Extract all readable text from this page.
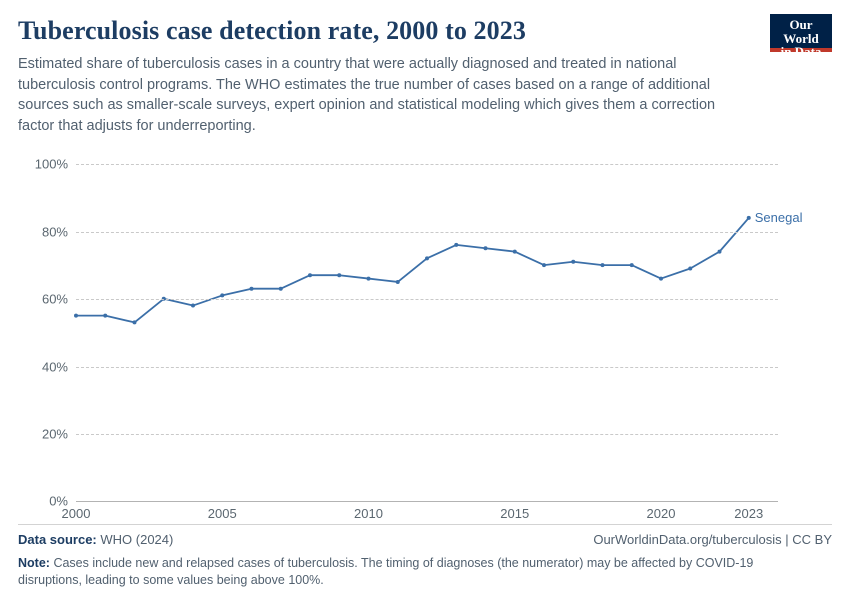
Tuberculosis case detection rate, 2000 to 2023

Estimated share of tuberculosis cases in a country that were actually diagnosed and treated in national tuberculosis control programs. The WHO estimates the true number of cases based on a range of additional sources such as smaller-scale surveys, expert opinion and statistical modeling which gives them a correction factor that adjusts for underreporting.

Our World
in Data
0%
20%
40%
60%
80%
100%
2000	2005	2010	2015	2020	2023
Senegal
Data source: WHO (2024)	OurWorldinData.org/tuberculosis | CC BY
Note: Cases include new and relapsed cases of tuberculosis. The timing of diagnoses (the numerator) may be affected by COVID-19 disruptions, leading to some values being above 100%.
